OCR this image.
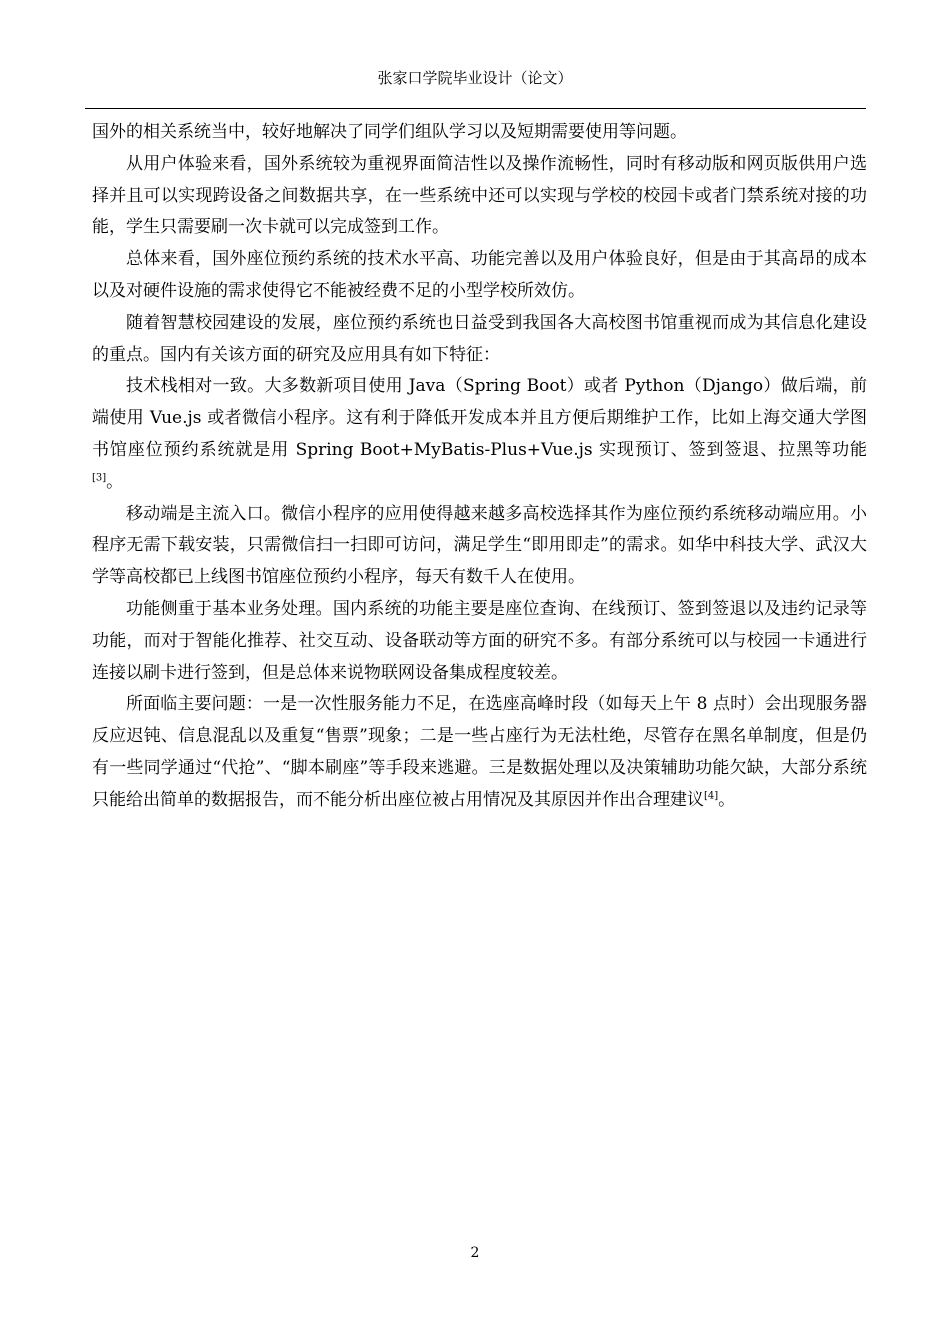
张家口学院毕业设计（论文）

国外的相关系统当中，较好地解决了同学们组队学习以及短期需要使用等问题。

从用户体验来看，国外系统较为重视界面简洁性以及操作流畅性，同时有移动版和网页版供用户选择并且可以实现跨设备之间数据共享，在一些系统中还可以实现与学校的校园卡或者门禁系统对接的功能，学生只需要刷一次卡就可以完成签到工作。

总体来看，国外座位预约系统的技术水平高、功能完善以及用户体验良好，但是由于其高昂的成本以及对硬件设施的需求使得它不能被经费不足的小型学校所效仿。

随着智慧校园建设的发展，座位预约系统也日益受到我国各大高校图书馆重视而成为其信息化建设的重点。国内有关该方面的研究及应用具有如下特征：

技术栈相对一致。大多数新项目使用 Java（Spring Boot）或者 Python（Django）做后端，前端使用 Vue.js 或者微信小程序。这有利于降低开发成本并且方便后期维护工作，比如上海交通大学图书馆座位预约系统就是用 Spring Boot+MyBatis-Plus+Vue.js 实现预订、签到签退、拉黑等功能[3]。

移动端是主流入口。微信小程序的应用使得越来越多高校选择其作为座位预约系统移动端应用。小程序无需下载安装，只需微信扫一扫即可访问，满足学生“即用即走”的需求。如华中科技大学、武汉大学等高校都已上线图书馆座位预约小程序，每天有数千人在使用。

功能侧重于基本业务处理。国内系统的功能主要是座位查询、在线预订、签到签退以及违约记录等功能，而对于智能化推荐、社交互动、设备联动等方面的研究不多。有部分系统可以与校园一卡通进行连接以刷卡进行签到，但是总体来说物联网设备集成程度较差。

所面临主要问题：一是一次性服务能力不足，在选座高峰时段（如每天上午 8 点时）会出现服务器反应迟钝、信息混乱以及重复“售票”现象；二是一些占座行为无法杜绝，尽管存在黑名单制度，但是仍有一些同学通过“代抢”、“脚本刷座”等手段来逃避。三是数据处理以及决策辅助功能欠缺，大部分系统只能给出简单的数据报告，而不能分析出座位被占用情况及其原因并作出合理建议[4]。

2
